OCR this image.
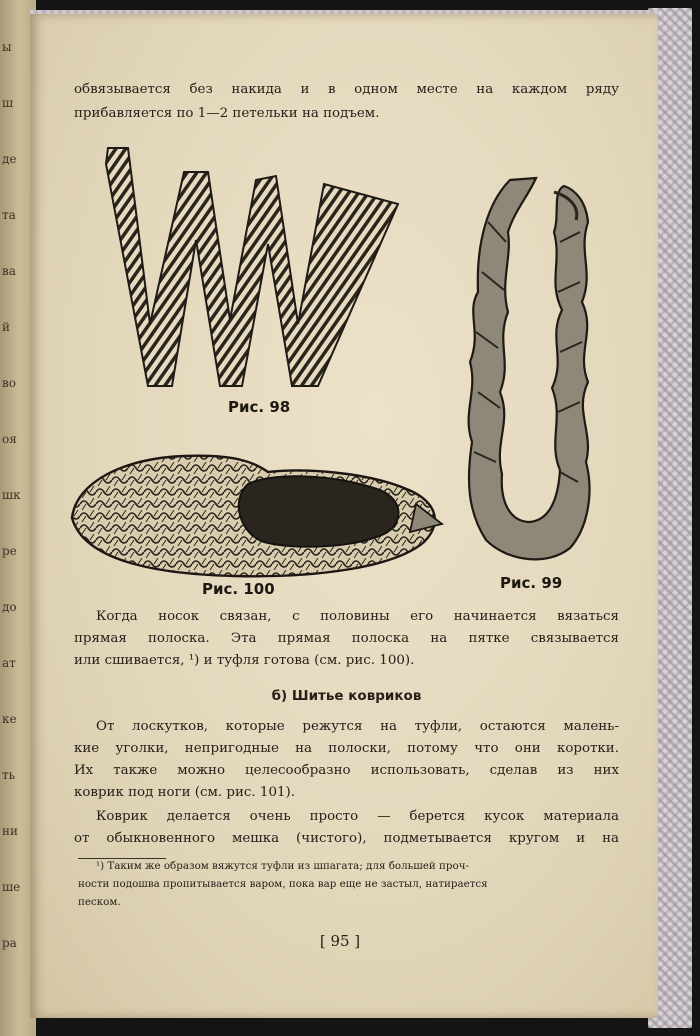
ы
ш
де
та
ва
й
во
оя
шк
ре
до
ат
ке
ть
ни
ше
ра
обвязывается без накида и в одном месте на каждом ряду
прибавляется по 1—2 петельки на подъем.
Рис. 98
Рис. 99
Рис. 100
Когда носок связан, с половины его начинается вязаться
прямая полоска. Эта прямая полоска на пятке связывается
или сшивается, ¹) и туфля готова (см. рис. 100).
б) Шитье ковриков
От лоскутков, которые режутся на туфли, остаются малень-
кие уголки, непригодные на полоски, потому что они коротки.
Их также можно целесообразно использовать, сделав из них
коврик под ноги (см. рис. 101).
Коврик делается очень просто — берется кусок материала
от обыкновенного мешка (чистого), подметывается кругом и на
¹) Таким же образом вяжутся туфли из шпагата; для большей проч-
ности подошва пропитывается варом, пока вар еще не застыл, натирается
песком.
[ 95 ]
